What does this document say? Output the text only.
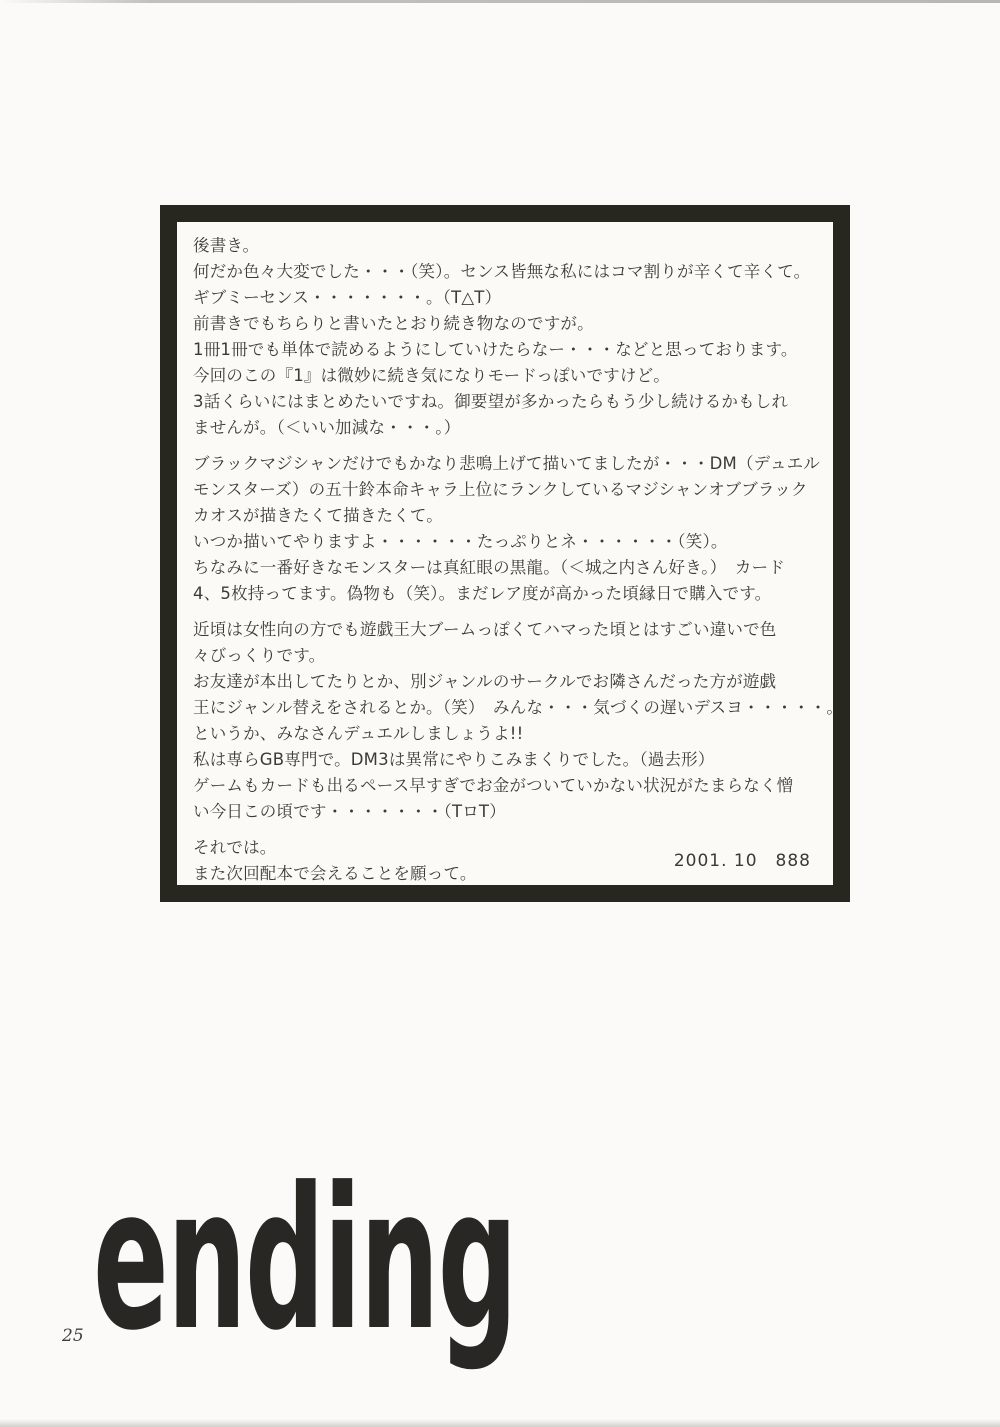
後書き。
何だか色々大変でした・・・（笑）。センス皆無な私にはコマ割りが辛くて辛くて。
ギブミーセンス・・・・・・・。（T△T）
前書きでもちらりと書いたとおり続き物なのですが。
1冊1冊でも単体で読めるようにしていけたらなー・・・などと思っております。
今回のこの『1』は微妙に続き気になりモードっぽいですけど。
3話くらいにはまとめたいですね。御要望が多かったらもう少し続けるかもしれ
ませんが。（＜いい加減な・・・。）

ブラックマジシャンだけでもかなり悲鳴上げて描いてましたが・・・DM（デュエル
モンスターズ）の五十鈴本命キャラ上位にランクしているマジシャンオブブラック
カオスが描きたくて描きたくて。
いつか描いてやりますよ・・・・・・たっぷりとネ・・・・・・（笑）。
ちなみに一番好きなモンスターは真紅眼の黒龍。（＜城之内さん好き。）　カード
4、5枚持ってます。偽物も（笑）。まだレア度が高かった頃縁日で購入です。

近頃は女性向の方でも遊戯王大ブームっぽくてハマった頃とはすごい違いで色
々びっくりです。
お友達が本出してたりとか、別ジャンルのサークルでお隣さんだった方が遊戯
王にジャンル替えをされるとか。（笑）　みんな・・・気づくの遅いデスヨ・・・・・。
というか、みなさんデュエルしましょうよ!!
私は専らGB専門で。DM3は異常にやりこみまくりでした。（過去形）
ゲームもカードも出るペース早すぎでお金がついていかない状況がたまらなく憎
い今日この頃です・・・・・・・（TロT）

それでは。
また次回配本で会えることを願って。

2001. 10　888
ending
25
